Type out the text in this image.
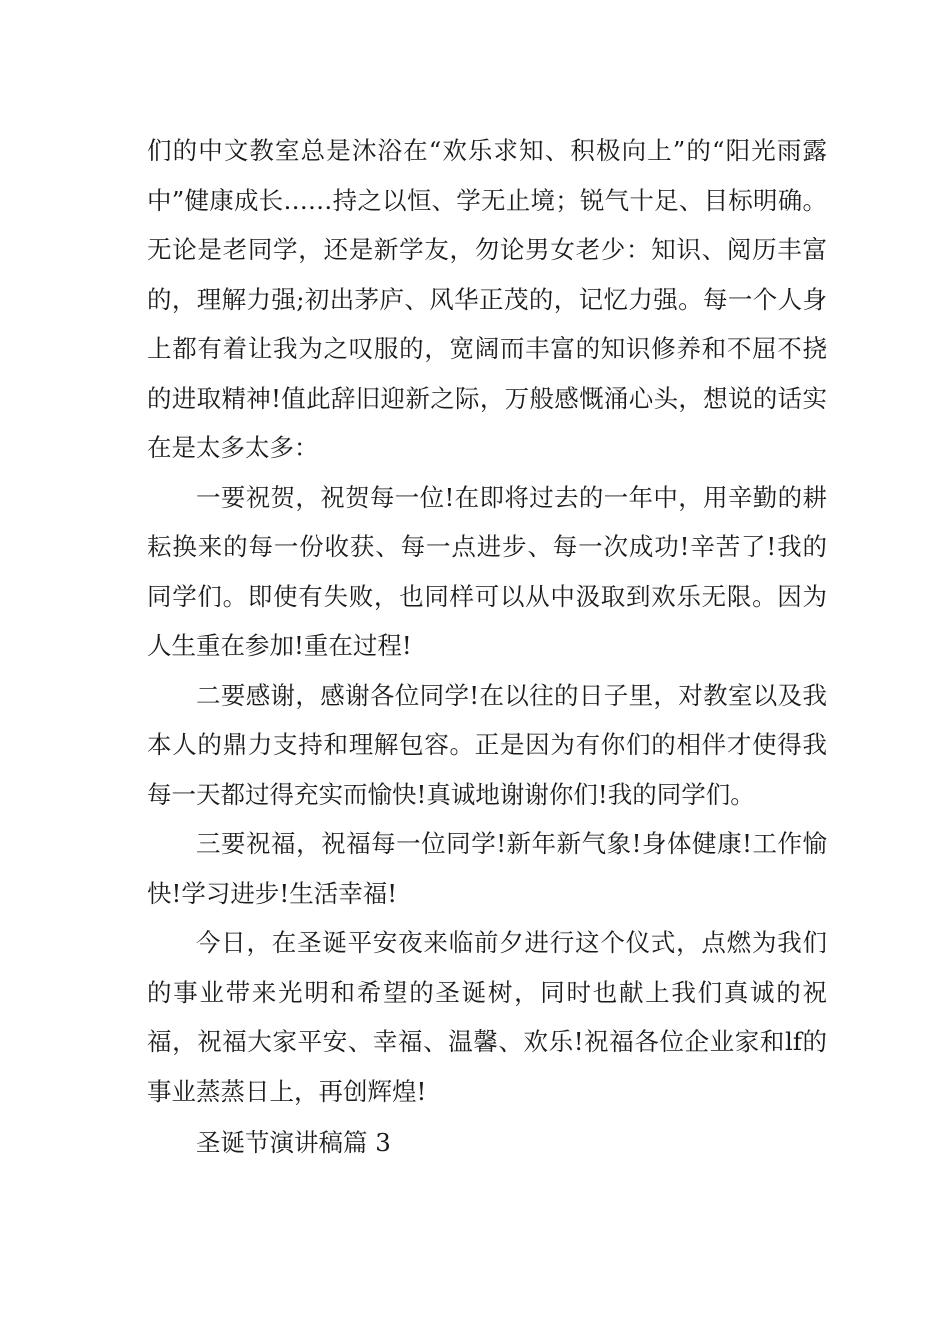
们的中文教室总是沐浴在“欢乐求知、积极向上”的“阳光雨露中”健康成长……持之以恒、学无止境；锐气十足、目标明确。无论是老同学，还是新学友，勿论男女老少：知识、阅历丰富的，理解力强;初出茅庐、风华正茂的，记忆力强。每一个人身上都有着让我为之叹服的，宽阔而丰富的知识修养和不屈不挠的进取精神!值此辞旧迎新之际，万般感慨涌心头，想说的话实在是太多太多：

一要祝贺，祝贺每一位!在即将过去的一年中，用辛勤的耕耘换来的每一份收获、每一点进步、每一次成功!辛苦了!我的同学们。即使有失败，也同样可以从中汲取到欢乐无限。因为人生重在参加!重在过程!

二要感谢，感谢各位同学!在以往的日子里，对教室以及我本人的鼎力支持和理解包容。正是因为有你们的相伴才使得我每一天都过得充实而愉快!真诚地谢谢你们!我的同学们。

三要祝福，祝福每一位同学!新年新气象!身体健康!工作愉快!学习进步!生活幸福!

今日，在圣诞平安夜来临前夕进行这个仪式，点燃为我们的事业带来光明和希望的圣诞树，同时也献上我们真诚的祝福，祝福大家平安、幸福、温馨、欢乐!祝福各位企业家和lf的事业蒸蒸日上，再创辉煌!

圣诞节演讲稿篇 3
